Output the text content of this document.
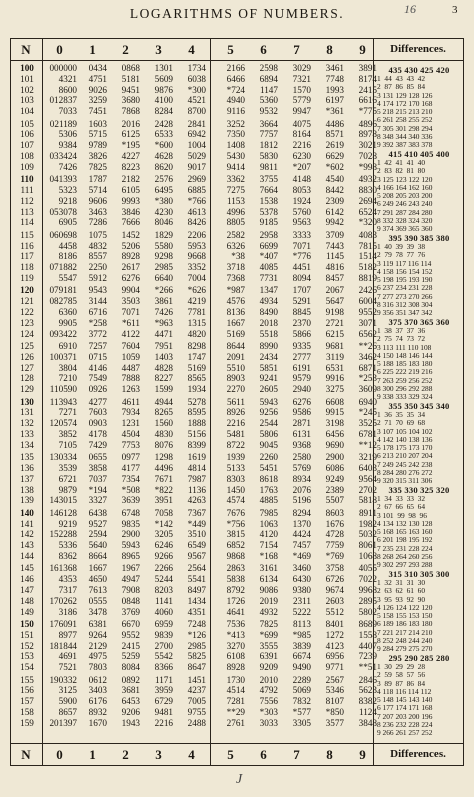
LOGARITHMS OF NUMBERS.	16	3
N	0	1	2	3	4	5	6	7	8	9	Differences.
100	000000	0434	0868	1301	1734	2166	2598	3029	3461	3891
101	4321	4751	5181	5609	6038	6466	6894	7321	7748	8174
102	8600	9026	9451	9876	*300	*724	1147	1570	1993	2415
103	012837	3259	3680	4100	4521	4940	5360	5779	6197	6616
104	7033	7451	7868	8284	8700	9116	9532	9947	*361	*775
105	021189	1603	2016	2428	2841	3252	3664	4075	4486	4896
106	5306	5715	6125	6533	6942	7350	7757	8164	8571	8978
107	9384	9789	*195	*600	1004	1408	1812	2216	2619	3021
108	033424	3826	4227	4628	5029	5430	5830	6230	6629	7028
109	7426	7825	8223	8620	9017	9414	9811	*207	*602	*998
110	041393	1787	2182	2576	2969	3362	3755	4148	4540	4932
111	5323	5714	6105	6495	6885	7275	7664	8053	8442	8830
112	9218	9606	9993	*380	*766	1153	1538	1924	2309	2694
113	053078	3463	3846	4230	4613	4996	5378	5760	6142	6524
114	6905	7286	7666	8046	8426	8805	9185	9563	9942	*320
115	060698	1075	1452	1829	2206	2582	2958	3333	3709	4083
116	4458	4832	5206	5580	5953	6326	6699	7071	7443	7815
117	8186	8557	8928	9298	9668	*38	*407	*776	1145	1514
118	071882	2250	2617	2985	3352	3718	4085	4451	4816	5182
119	5547	5912	6276	6640	7004	7368	7731	8094	8457	8819
120	079181	9543	9904	*266	*626	*987	1347	1707	2067	2426
121	082785	3144	3503	3861	4219	4576	4934	5291	5647	6004
122	6360	6716	7071	7426	7781	8136	8490	8845	9198	9552
123	9905	*258	*611	*963	1315	1667	2018	2370	2721	3071
124	093422	3772	4122	4471	4820	5169	5518	5866	6215	6562
125	6910	7257	7604	7951	8298	8644	8990	9335	9681	**26
126	100371	0715	1059	1403	1747	2091	2434	2777	3119	3462
127	3804	4146	4487	4828	5169	5510	5851	6191	6531	6871
128	7210	7549	7888	8227	8565	8903	9241	9579	9916	*253
129	110590	0926	1263	1599	1934	2270	2605	2940	3275	3609
130	113943	4277	4611	4944	5278	5611	5943	6276	6608	6940
131	7271	7603	7934	8265	8595	8926	9256	9586	9915	*245
132	120574	0903	1231	1560	1888	2216	2544	2871	3198	3525
133	3852	4178	4504	4830	5156	5481	5806	6131	6456	6781
134	7105	7429	7753	8076	8399	8722	9045	9368	9690	**12
135	130334	0655	0977	1298	1619	1939	2260	2580	2900	3219
136	3539	3858	4177	4496	4814	5133	5451	5769	6086	6403
137	6721	7037	7354	7671	7987	8303	8618	8934	9249	9564
138	9879	*194	*508	*822	1136	1450	1763	2076	2389	2702
139	143015	3327	3639	3951	4263	4574	4885	5196	5507	5818
140	146128	6438	6748	7058	7367	7676	7985	8294	8603	8911
141	9219	9527	9835	*142	*449	*756	1063	1370	1676	1982
142	152288	2594	2900	3205	3510	3815	4120	4424	4728	5032
143	5336	5640	5943	6246	6549	6852	7154	7457	7759	8061
144	8362	8664	8965	9266	9567	9868	*168	*469	*769	1068
145	161368	1667	1967	2266	2564	2863	3161	3460	3758	4055
146	4353	4650	4947	5244	5541	5838	6134	6430	6726	7022
147	7317	7613	7908	8203	8497	8792	9086	9380	9674	9968
148	170262	0555	0848	1141	1434	1726	2019	2311	2603	2895
149	3186	3478	3769	4060	4351	4641	4932	5222	5512	5802
150	176091	6381	6670	6959	7248	7536	7825	8113	8401	8689
151	8977	9264	9552	9839	*126	*413	*699	*985	1272	1558
152	181844	2129	2415	2700	2985	3270	3555	3839	4123	4407
153	4691	4975	5259	5542	5825	6108	6391	6674	6956	7239
154	7521	7803	8084	8366	8647	8928	9209	9490	9771	**51
155	190332	0612	0892	1171	1451	1730	2010	2289	2567	2846
156	3125	3403	3681	3959	4237	4514	4792	5069	5346	5623
157	5900	6176	6453	6729	7005	7281	7556	7832	8107	8382
158	8657	8932	9206	9481	9755	**29	*303	*577	*850	1124
159	201397	1670	1943	2216	2488	2761	3033	3305	3577	3848
435 430 425 420
1  44  43  43  42
2  87  86  85  84
3 131 129 128 126
4 174 172 170 168
5 218 215 213 210
6 261 258 255 252
7 305 301 298 294
8 348 344 340 336
9 392 387 383 378
415 410 405 400
1  42  41  41  40
2  83  82  81  80
3 125 123 122 120
4 166 164 162 160
5 208 205 203 200
6 249 246 243 240
7 291 287 284 280
8 332 328 324 320
9 374 369 365 360
395 390 385 380
1  40  39  39  38
2  79  78  77  76
3 119 117 116 114
4 158 156 154 152
5 198 195 193 190
6 237 234 231 228
7 277 273 270 266
8 316 312 308 304
9 356 351 347 342
375 370 365 360
1  38  37  37  36
2  75  74  73  72
3 113 111 110 108
4 150 148 146 144
5 188 185 183 180
6 225 222 219 216
7 263 259 256 252
8 300 296 292 288
9 338 333 329 324
355 350 345 340
1  36  35  35  34
2  71  70  69  68
3 107 105 104 102
4 142 140 138 136
5 178 175 173 170
6 213 210 207 204
7 249 245 242 238
8 284 280 276 272
9 320 315 311 306
335 330 325 320
1  34  33  33  32
2  67  66  65  64
3 101  99  98  96
4 134 132 130 128
5 168 165 163 160
6 201 198 195 192
7 235 231 228 224
8 268 264 260 256
9 302 297 293 288
315 310 305 300
1  32  31  31  30
2  63  62  61  60
3  95  93  92  90
4 126 124 122 120
5 158 155 153 150
6 189 186 183 180
7 221 217 214 210
8 252 248 244 240
9 284 279 275 270
295 290 285 280
1  30  29  29  28
2  59  58  57  56
3  89  87  86  84
4 118 116 114 112
5 148 145 143 140
6 177 174 171 168
7 207 203 200 196
8 236 232 228 224
9 266 261 257 252
N	0	1	2	3	4	5	6	7	8	9	Differences.
J
